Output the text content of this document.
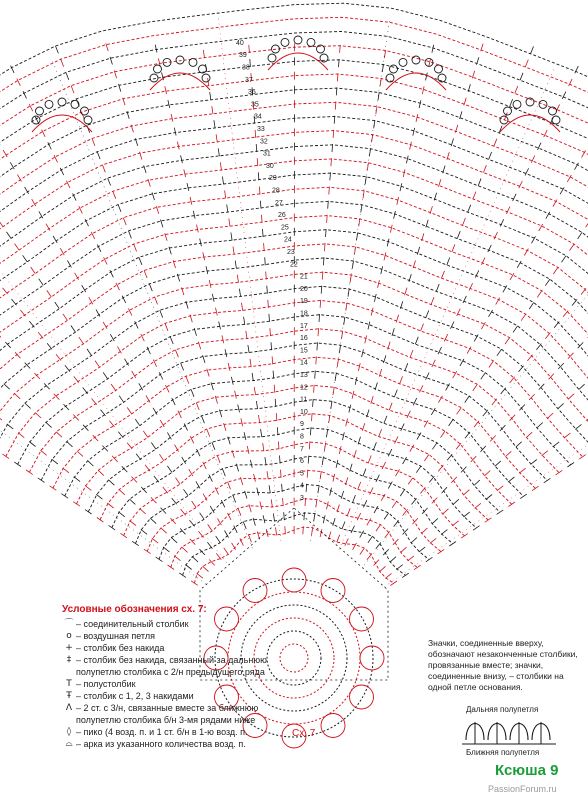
3
4
5
6
7
8
9
10
11
12
13
14
15
16
17
18
19
20
21
22
23
24
25
26
27
28
29
30
31
32
33
34
35
36
37
38
39
40
Сх. 7
Условные обозначения сх. 7:
⌒ – соединительный столбик
o – воздушная петля
+ – столбик без накида
‡ – столбик без накида, связанный за дальнюю полупетлю столбика с 2/н предыдущего ряда
T – полустолбик
Ŧ – столбик с 1, 2, 3 накидами
Λ – 2 ст. с 3/н, связанные вместе за ближнюю полупетлю столбика б/н 3-мя рядами ниже
◊ – пико (4 возд. п. и 1 ст. б/н в 1-ю возд. п.
⌓ – арка из указанного количества возд. п.
Значки, соединенные вверху, обозначают незаконченные столбики, провязанные вместе; значки, соединенные внизу, – столбики на одной петле основания.
Дальняя полупетля
Ближняя полупетля
Ксюша 9
PassionForum.ru
